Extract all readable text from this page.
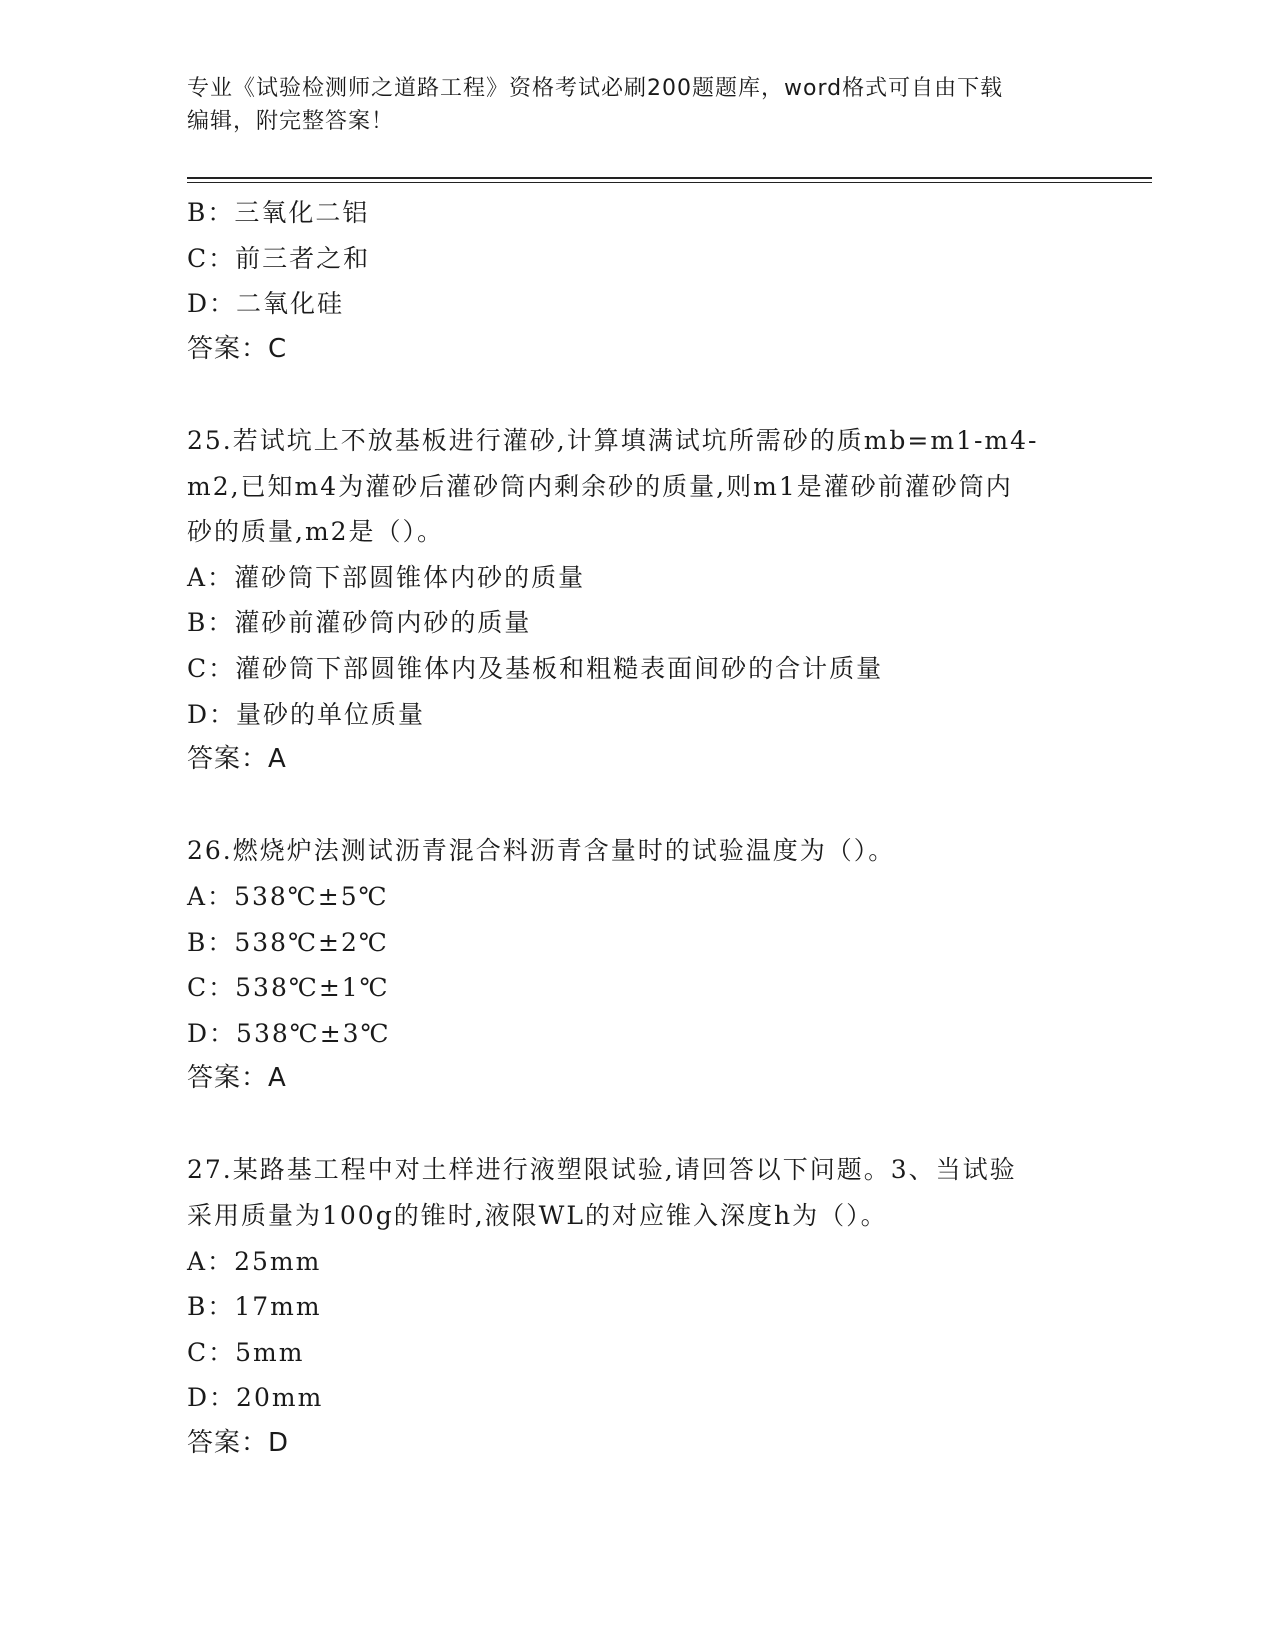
专业《试验检测师之道路工程》资格考试必刷200题题库，word格式可自由下载
编辑，附完整答案！
B：三氧化二铝
C：前三者之和
D：二氧化硅
答案：C
25.若试坑上不放基板进行灌砂,计算填满试坑所需砂的质mb=m1-m4-
m2,已知m4为灌砂后灌砂筒内剩余砂的质量,则m1是灌砂前灌砂筒内
砂的质量,m2是（）。
A：灌砂筒下部圆锥体内砂的质量
B：灌砂前灌砂筒内砂的质量
C：灌砂筒下部圆锥体内及基板和粗糙表面间砂的合计质量
D：量砂的单位质量
答案：A
26.燃烧炉法测试沥青混合料沥青含量时的试验温度为（）。
A：538℃±5℃
B：538℃±2℃
C：538℃±1℃
D：538℃±3℃
答案：A
27.某路基工程中对土样进行液塑限试验,请回答以下问题。3、当试验
采用质量为100g的锥时,液限WL的对应锥入深度h为（）。
A：25mm
B：17mm
C：5mm
D：20mm
答案：D
